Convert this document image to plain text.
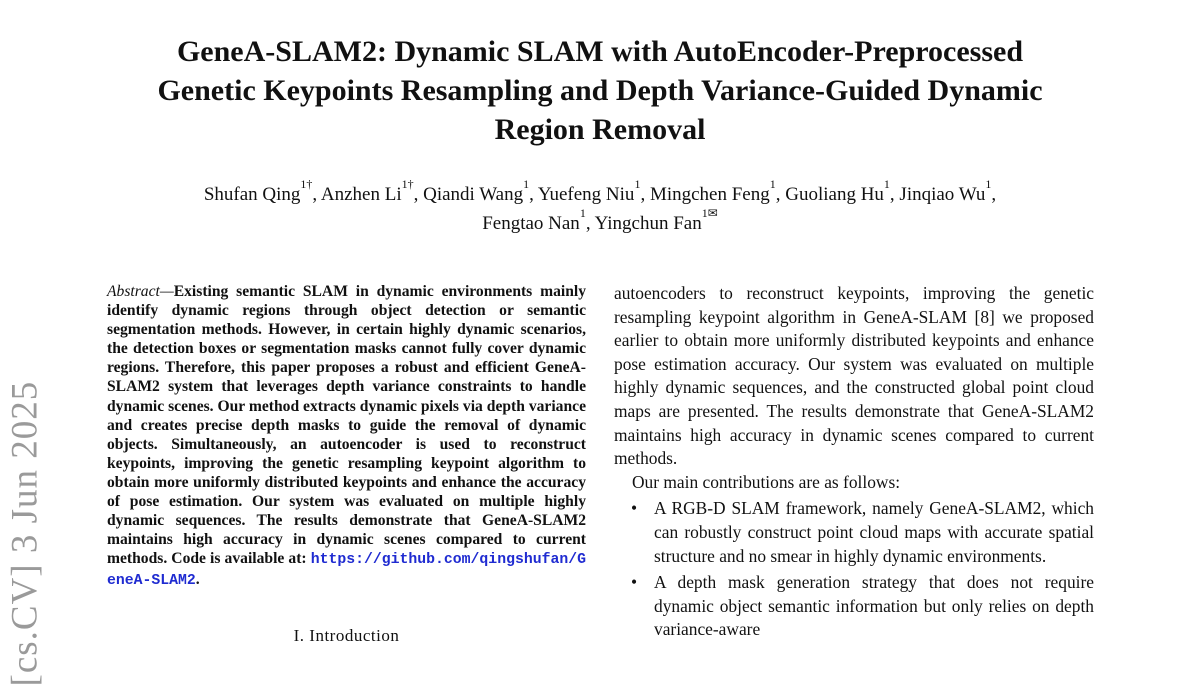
GeneA-SLAM2: Dynamic SLAM with AutoEncoder-Preprocessed
Genetic Keypoints Resampling and Depth Variance-Guided Dynamic
Region Removal
Shufan Qing$^{1\dagger}$, Anzhen $Li^{1\dagger}$, Qiandi Wang$^1$, Yuefeng Niu$^1$, Mingchen Feng$^1$, Guoliang Hu$^1$, Jinqiao Wu$^1$,
Fengtao Nan$^1$, Yingchun Fan$^{1✉}$

Abstract—Existing semantic SLAM in dynamic environments mainly identify dynamic regions through object detection or semantic segmentation methods. However, in certain highly dynamic scenarios, the detection boxes or segmentation masks cannot fully cover dynamic regions. Therefore, this paper proposes a robust and efficient GeneA-SLAM2 system that leverages depth variance constraints to handle dynamic scenes. Our method extracts dynamic pixels via depth variance and creates precise depth masks to guide the removal of dynamic objects. Simultaneously, an autoencoder is used to reconstruct keypoints, improving the genetic resampling keypoint algorithm to obtain more uniformly distributed keypoints and enhance the accuracy of pose estimation. Our system was evaluated on multiple highly dynamic sequences. The results demonstrate that GeneA-SLAM2 maintains high accuracy in dynamic scenes compared to current methods. Code is available at: https://github.com/qingshufan/GeneA-SLAM2.

I. Introduction

autoencoders to reconstruct keypoints, improving the genetic resampling keypoint algorithm in GeneA-SLAM [8] we proposed earlier to obtain more uniformly distributed keypoints and enhance pose estimation accuracy. Our system was evaluated on multiple highly dynamic sequences, and the constructed global point cloud maps are presented. The results demonstrate that GeneA-SLAM2 maintains high accuracy in dynamic scenes compared to current methods.

Our main contributions are as follows:

• A RGB-D SLAM framework, namely GeneA-SLAM2, which can robustly construct point cloud maps with accurate spatial structure and no smear in highly dynamic environments.
• A depth mask generation strategy that does not require dynamic object semantic information but only relies on depth variance-aware
[cs.CV] 3 Jun 2025
